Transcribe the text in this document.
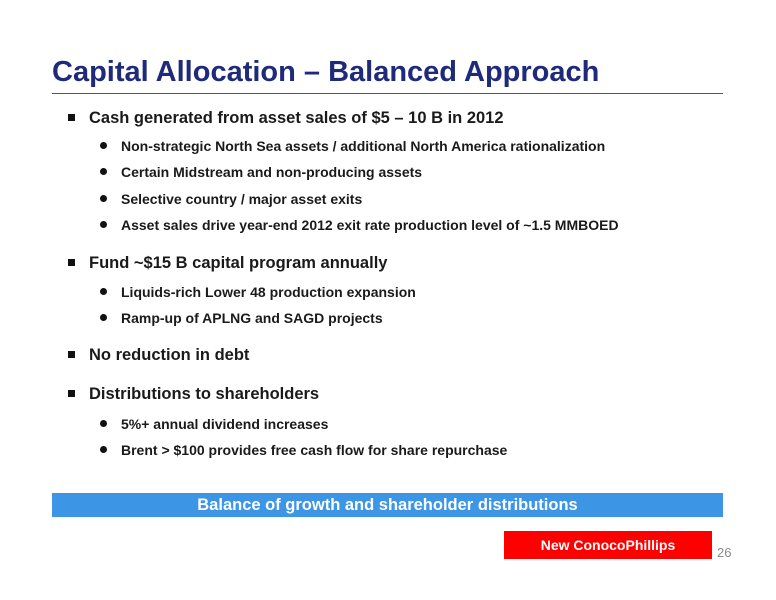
Capital Allocation – Balanced Approach
Cash generated from asset sales of $5 – 10 B in 2012
Non-strategic North Sea assets / additional North America rationalization
Certain Midstream and non-producing assets
Selective country / major asset exits
Asset sales drive year-end 2012 exit rate production level of ~1.5 MMBOED
Fund ~$15 B capital program annually
Liquids-rich Lower 48 production expansion
Ramp-up of APLNG and SAGD projects
No reduction in debt
Distributions to shareholders
5%+ annual dividend increases
Brent > $100 provides free cash flow for share repurchase
Balance of growth and shareholder distributions
New ConocoPhillips	26
